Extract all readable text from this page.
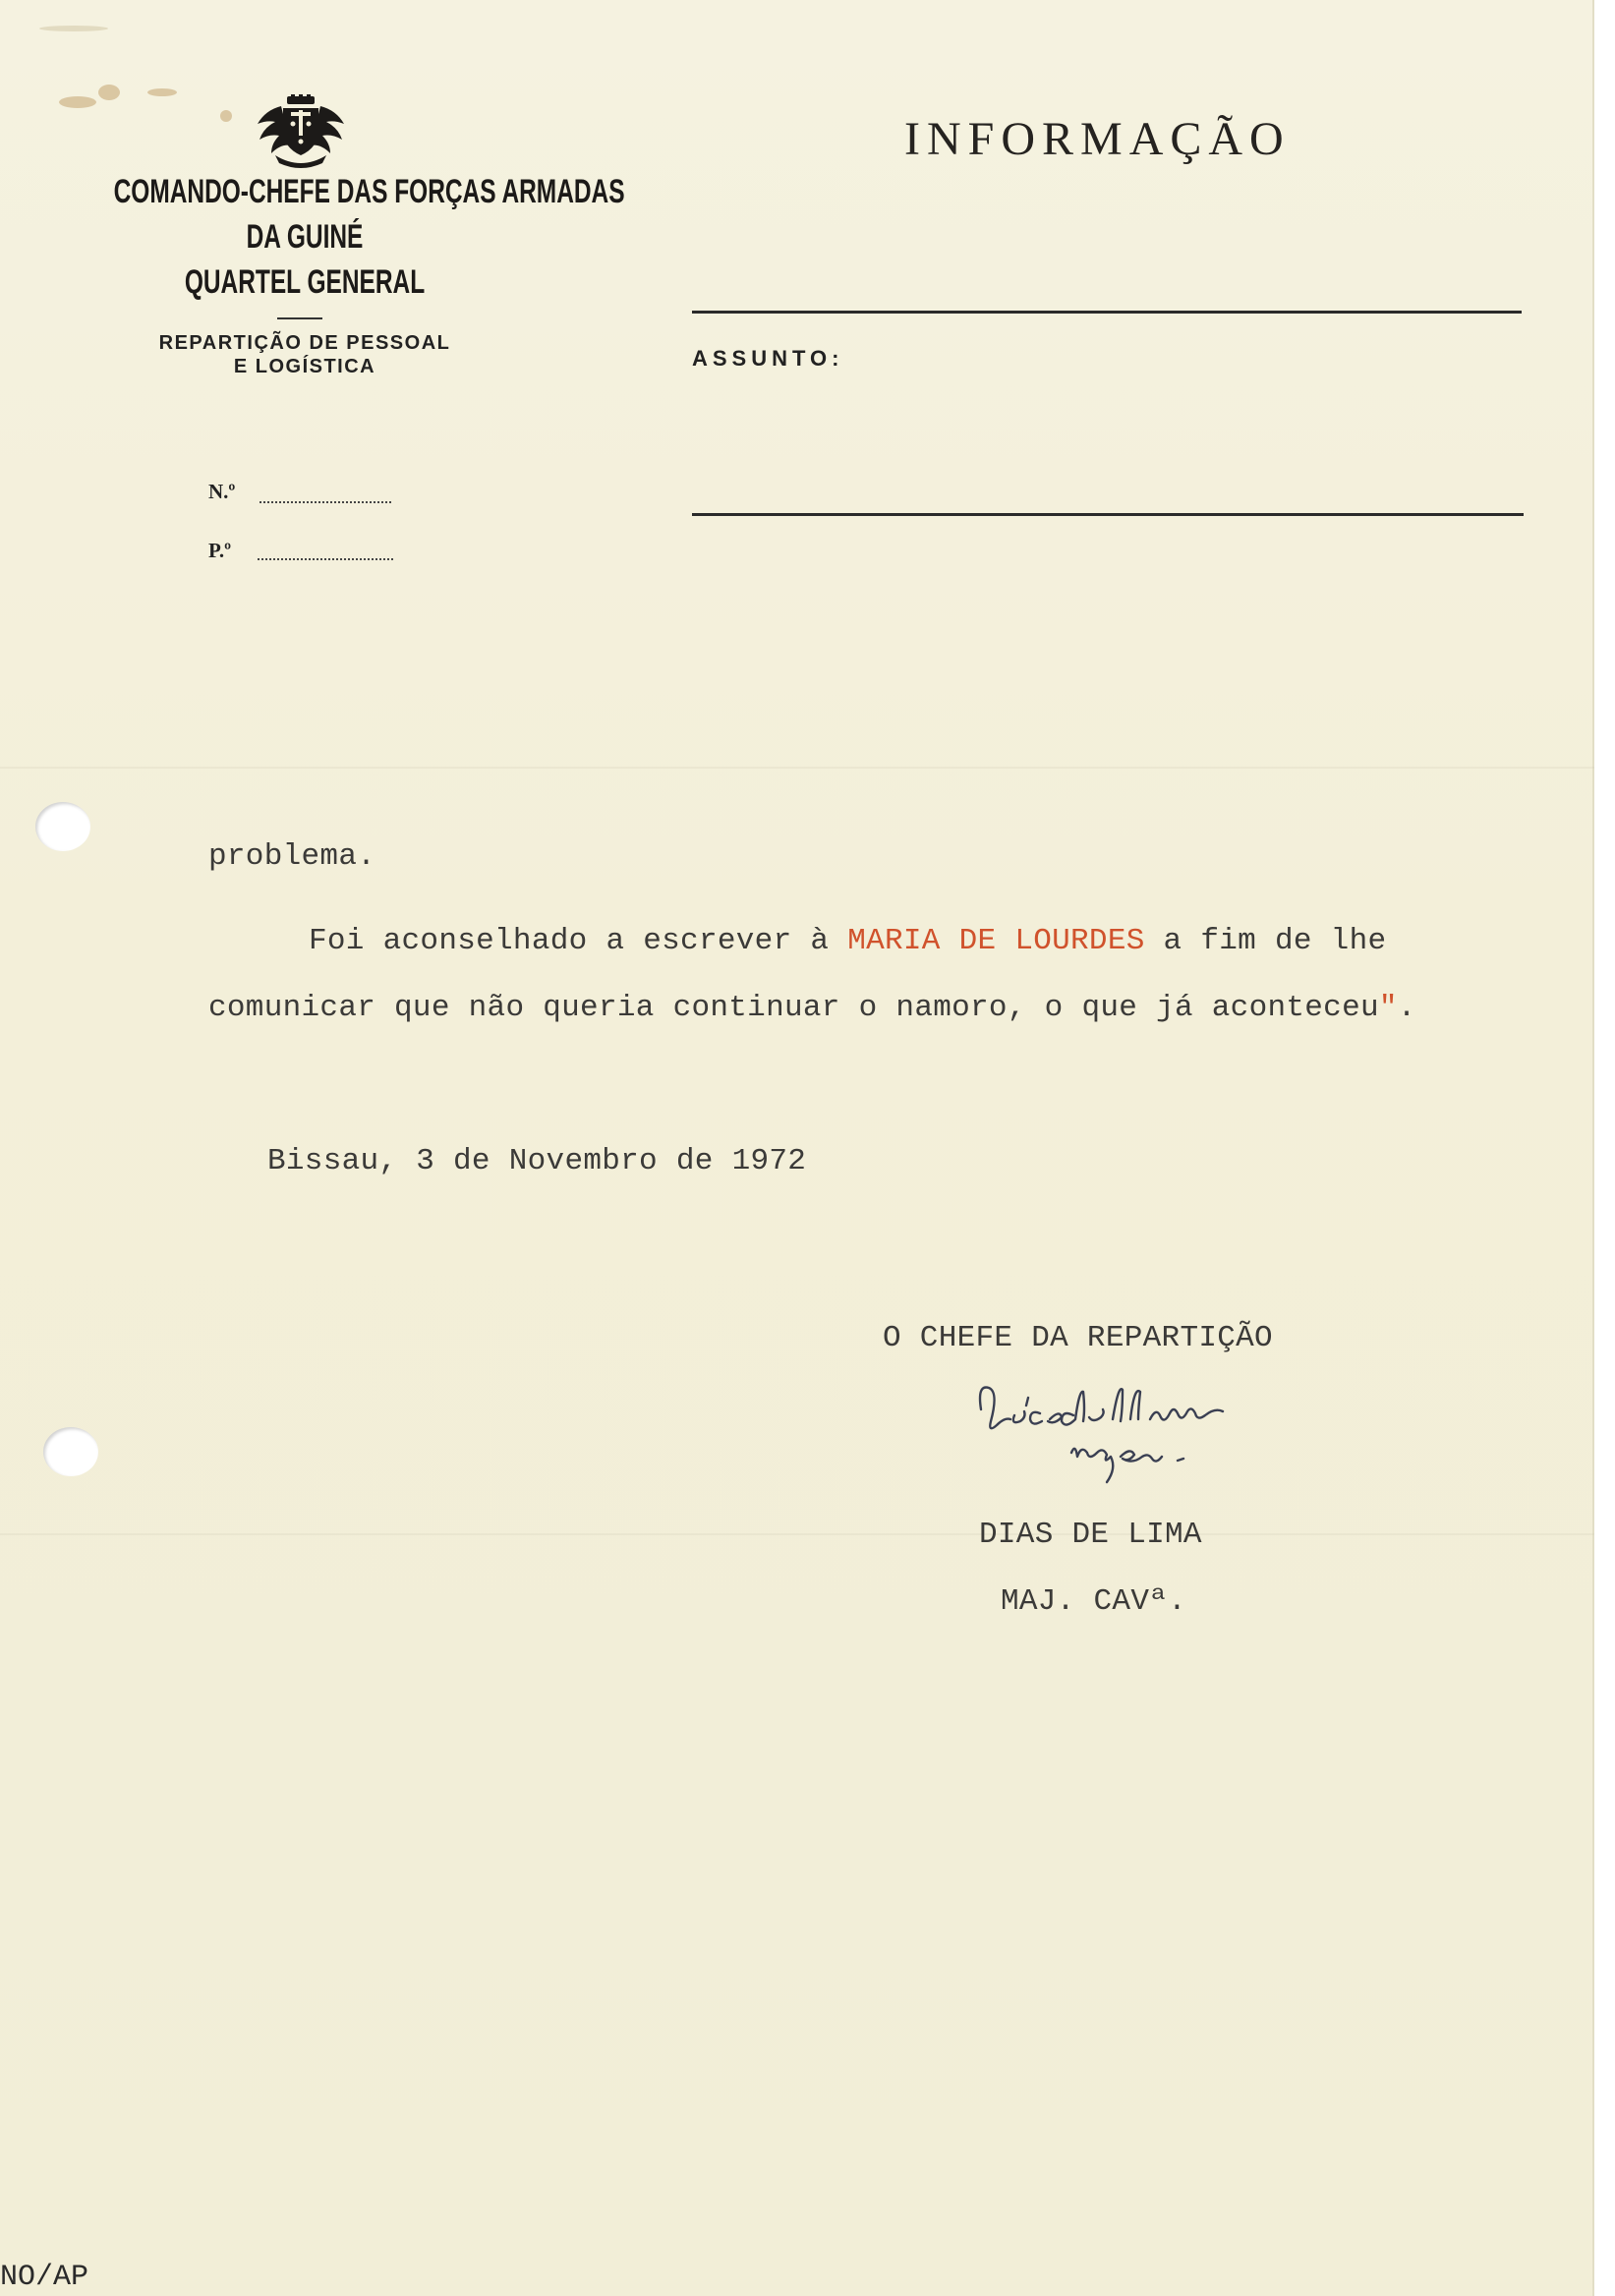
COMANDO-CHEFE DAS FORÇAS ARMADAS
DA GUINÉ
QUARTEL GENERAL
REPARTIÇÃO DE PESSOAL
E LOGÍSTICA
N.º
P.º
INFORMAÇÃO
ASSUNTO:
problema.
Foi aconselhado a escrever à MARIA DE LOURDES a fim de lhe
comunicar que não queria continuar o namoro, o que já aconteceu".
Bissau, 3 de Novembro de 1972
O CHEFE DA REPARTIÇÃO
DIAS DE LIMA
MAJ. CAVª.
NO/AP
